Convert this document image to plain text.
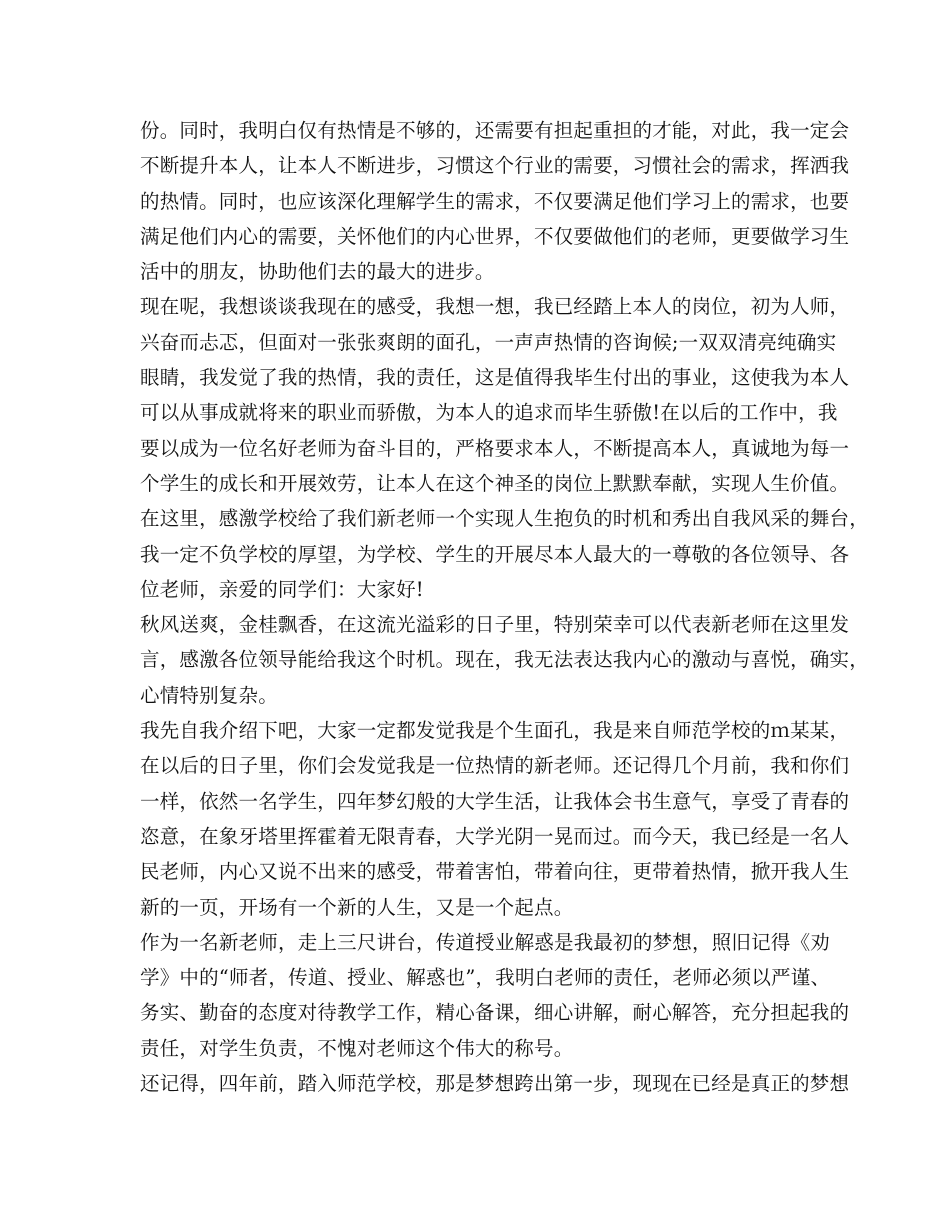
份。同时，我明白仅有热情是不够的，还需要有担起重担的才能，对此，我一定会
不断提升本人，让本人不断进步，习惯这个行业的需要，习惯社会的需求，挥洒我
的热情。同时，也应该深化理解学生的需求，不仅要满足他们学习上的需求，也要
满足他们内心的需要，关怀他们的内心世界，不仅要做他们的老师，更要做学习生
活中的朋友，协助他们去的最大的进步。
现在呢，我想谈谈我现在的感受，我想一想，我已经踏上本人的岗位，初为人师，
兴奋而忐忑，但面对一张张爽朗的面孔，一声声热情的咨询候;一双双清亮纯确实
眼睛，我发觉了我的热情，我的责任，这是值得我毕生付出的事业，这使我为本人
可以从事成就将来的职业而骄傲，为本人的追求而毕生骄傲!在以后的工作中，我
要以成为一位名好老师为奋斗目的，严格要求本人，不断提高本人，真诚地为每一
个学生的成长和开展效劳，让本人在这个神圣的岗位上默默奉献，实现人生价值。
在这里，感激学校给了我们新老师一个实现人生抱负的时机和秀出自我风采的舞台，
我一定不负学校的厚望，为学校、学生的开展尽本人最大的一尊敬的各位领导、各
位老师，亲爱的同学们：大家好!
秋风送爽，金桂飘香，在这流光溢彩的日子里，特别荣幸可以代表新老师在这里发
言，感激各位领导能给我这个时机。现在，我无法表达我内心的激动与喜悦，确实，
心情特别复杂。
我先自我介绍下吧，大家一定都发觉我是个生面孔，我是来自师范学校的ｍ某某，
在以后的日子里，你们会发觉我是一位热情的新老师。还记得几个月前，我和你们
一样，依然一名学生，四年梦幻般的大学生活，让我体会书生意气，享受了青春的
恣意，在象牙塔里挥霍着无限青春，大学光阴一晃而过。而今天，我已经是一名人
民老师，内心又说不出来的感受，带着害怕，带着向往，更带着热情，掀开我人生
新的一页，开场有一个新的人生，又是一个起点。
作为一名新老师，走上三尺讲台，传道授业解惑是我最初的梦想，照旧记得《劝
学》中的“师者，传道、授业、解惑也”，我明白老师的责任，老师必须以严谨、
务实、勤奋的态度对待教学工作，精心备课，细心讲解，耐心解答，充分担起我的
责任，对学生负责，不愧对老师这个伟大的称号。
还记得，四年前，踏入师范学校，那是梦想跨出第一步，现现在已经是真正的梦想
